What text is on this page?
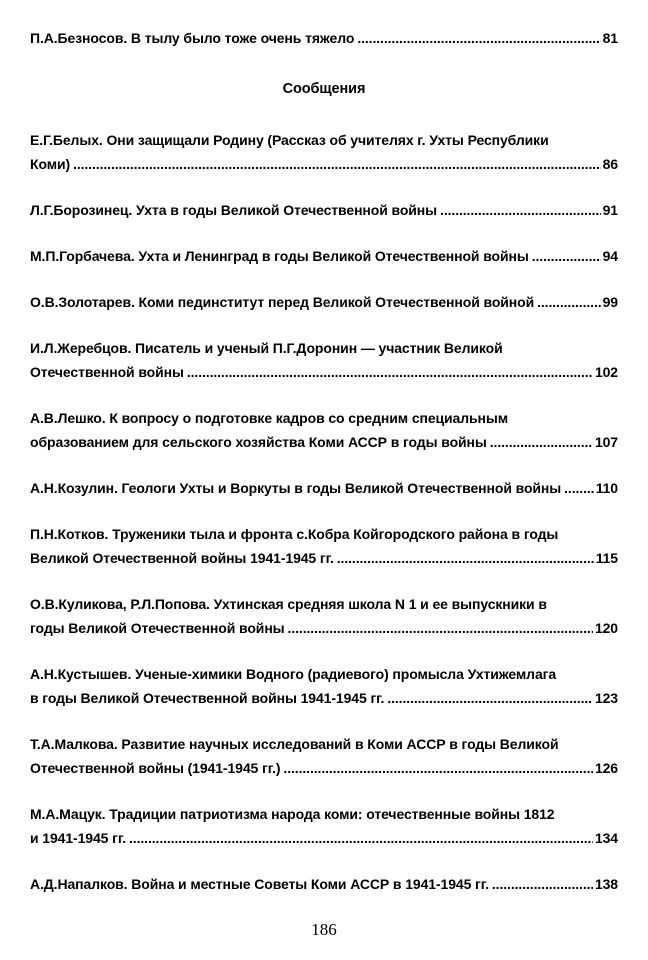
П.А.Безносов. В тылу было тоже очень тяжело .....	81
Сообщения
Е.Г.Белых. Они защищали Родину (Рассказ об учителях г. Ухты Республики
Коми) .....	86
Л.Г.Борозинец. Ухта в годы Великой Отечественной войны .....	91
М.П.Горбачева. Ухта и Ленинград в годы Великой Отечественной войны .....	94
О.В.Золотарев. Коми пединститут перед Великой Отечественной войной .....	99
И.Л.Жеребцов. Писатель и ученый П.Г.Доронин — участник Великой
Отечественной войны .....	102
А.В.Лешко. К вопросу о подготовке кадров со средним специальным
образованием для сельского хозяйства Коми АССР в годы войны .....	107
А.Н.Козулин. Геологи Ухты и Воркуты в годы Великой Отечественной войны ..... 110
П.Н.Котков. Труженики тыла и фронта с.Кобра Койгородского района в годы
Великой Отечественной войны 1941-1945 гг. .....	115
О.В.Куликова, Р.Л.Попова. Ухтинская средняя школа N 1 и ее выпускники в
годы Великой Отечественной войны .....	120
А.Н.Кустышев. Ученые-химики Водного (радиевого) промысла Ухтижемлага
в годы Великой Отечественной войны 1941-1945 гг. .....	123
Т.А.Малкова. Развитие научных исследований в Коми АССР в годы Великой
Отечественной войны (1941-1945 гг.) .....	126
М.А.Мацук. Традиции патриотизма народа коми: отечественные войны 1812
и 1941-1945 гг. .....	134
А.Д.Напалков. Война и местные Советы Коми АССР в 1941-1945 гг. .....	138
186
